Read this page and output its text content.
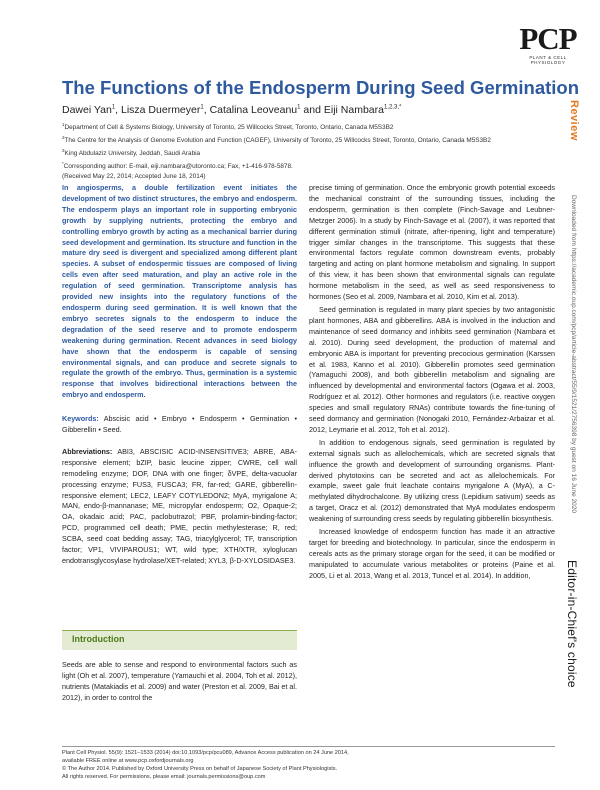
PCP
PLANT & CELL PHYSIOLOGY
The Functions of the Endosperm During Seed Germination
Dawei Yan$^1$, Lisza Duermeyer$^1$, Catalina Leoveanu$^1$ and Eiji Nambara$^{1,2,3,*}$
$^1$Department of Cell & Systems Biology, University of Toronto, 25 Willcocks Street, Toronto, Ontario, Canada M5S3B2
$^2$The Centre for the Analysis of Genome Evolution and Function (CAGEF), University of Toronto, 25 Willcocks Street, Toronto, Ontario, Canada M5S3B2
$^3$King Abdulaziz University, Jeddah, Saudi Arabia
*Corresponding author: E-mail, eiji.nambara@utoronto.ca; Fax, +1-416-978-5878.
(Received May 22, 2014; Accepted June 18, 2014)
Review
Downloaded from https://academic.oup.com/pcp/article-abstract/55/9/1521/2756398 by guest on 16 June 2020
Editor-in-Chief's choice

In angiosperms, a double fertilization event initiates the development of two distinct structures, the embryo and endosperm. The endosperm plays an important role in supporting embryonic growth by supplying nutrients, protecting the embryo and controlling embryo growth by acting as a mechanical barrier during seed development and germination. Its structure and function in the mature dry seed is divergent and specialized among different plant species. A subset of endospermic tissues are composed of living cells even after seed maturation, and play an active role in the regulation of seed germination. Transcriptome analysis has provided new insights into the regulatory functions of the endosperm during seed germination. It is well known that the embryo secretes signals to the endosperm to induce the degradation of the seed reserve and to promote endosperm weakening during germination. Recent advances in seed biology have shown that the endosperm is capable of sensing environmental signals, and can produce and secrete signals to regulate the growth of the embryo. Thus, germination is a systemic response that involves bidirectional interactions between the embryo and endosperm.

Keywords: Abscisic acid • Embryo • Endosperm • Germination • Gibberellin • Seed.
Abbreviations: ABI3, ABSCISIC ACID-INSENSITIVE3; ABRE, ABA-responsive element; bZIP, basic leucine zipper; CWRE, cell wall remodeling enzyme; DOF, DNA with one finger; δVPE, delta-vacuolar processing enzyme; FUS3, FUSCA3; FR, far-red; GARE, gibberellin-responsive element; LEC2, LEAFY COTYLEDON2; MyA, myrigalone A; MAN, endo-β-mannanase; ME, micropylar endosperm; O2, Opaque-2; OA, okadaic acid; PAC, paclobutrazol; PBF, prolamin-binding-factor; PCD, programmed cell death; PME, pectin methylesterase; R, red; SCBA, seed coat bedding assay; TAG, triacylglycerol; TF, transcription factor; VP1, VIVIPAROUS1; WT, wild type; XTH/XTR, xyloglucan endotransglycosylase hydrolase/XET-related; XYL3, β-D-XYLOSIDASE3.
Introduction

Seeds are able to sense and respond to environmental factors such as light (Oh et al. 2007), temperature (Yamauchi et al. 2004, Toh et al. 2012), nutrients (Matakiadis et al. 2009) and water (Preston et al. 2009, Bai et al. 2012), in order to control the

precise timing of germination. Once the embryonic growth potential exceeds the mechanical constraint of the surrounding tissues, including the endosperm, germination is then complete (Finch-Savage and Leubner-Metzger 2006). In a study by Finch-Savage et al. (2007), it was reported that different germination stimuli (nitrate, after-ripening, light and temperature) trigger similar changes in the transcriptome. This suggests that these environmental factors regulate common downstream events, probably targeting and acting on plant hormone metabolism and signaling. In support of this view, it has been shown that environmental signals can regulate hormone metabolism in the seed, as well as seed responsiveness to hormones (Seo et al. 2009, Nambara et al. 2010, Kim et al. 2013).

Seed germination is regulated in many plant species by two antagonistic plant hormones, ABA and gibberellins. ABA is involved in the induction and maintenance of seed dormancy and inhibits seed germination (Nambara et al. 2010). During seed development, the production of maternal and embryonic ABA is important for preventing precocious germination (Karssen et al. 1983, Kanno et al. 2010). Gibberellin promotes seed germination (Yamaguchi 2008), and both gibberellin metabolism and signaling are influenced by developmental and environmental factors (Ogawa et al. 2003, Rodríguez et al. 2012). Other hormones and regulators (i.e. reactive oxygen species and small regulatory RNAs) contribute towards the fine-tuning of seed dormancy and germination (Nonogaki 2010, Fernández-Arbaizar et al. 2012, Leymarie et al. 2012, Toh et al. 2012).

In addition to endogenous signals, seed germination is regulated by external signals such as allelochemicals, which are secreted signals that influence the growth and development of surrounding organisms. Plant-derived phytotoxins can be secreted and act as allelochemicals. For example, sweet gale fruit leachate contains myrigalone A (MyA), a C-methylated dihydrochalcone. By utilizing cress (Lepidium sativum) seeds as a target, Oracz et al. (2012) demonstrated that MyA modulates endosperm weakening of surrounding cress seeds by regulating gibberellin biosynthesis.

Increased knowledge of endosperm function has made it an attractive target for breeding and biotechnology. In particular, since the endosperm in cereals acts as the primary storage organ for the seed, it can be modified or manipulated to accumulate various metabolites or proteins (Paine et al. 2005, Li et al. 2013, Wang et al. 2013, Tuncel et al. 2014). In addition,

Plant Cell Physiol. 55(9): 1521–1533 (2014) doi:10.1093/pcp/pcu089, Advance Access publication on 24 June 2014,
available FREE online at www.pcp.oxfordjournals.org
© The Author 2014. Published by Oxford University Press on behalf of Japanese Society of Plant Physiologists.
All rights reserved. For permissions, please email: journals.permissions@oup.com
